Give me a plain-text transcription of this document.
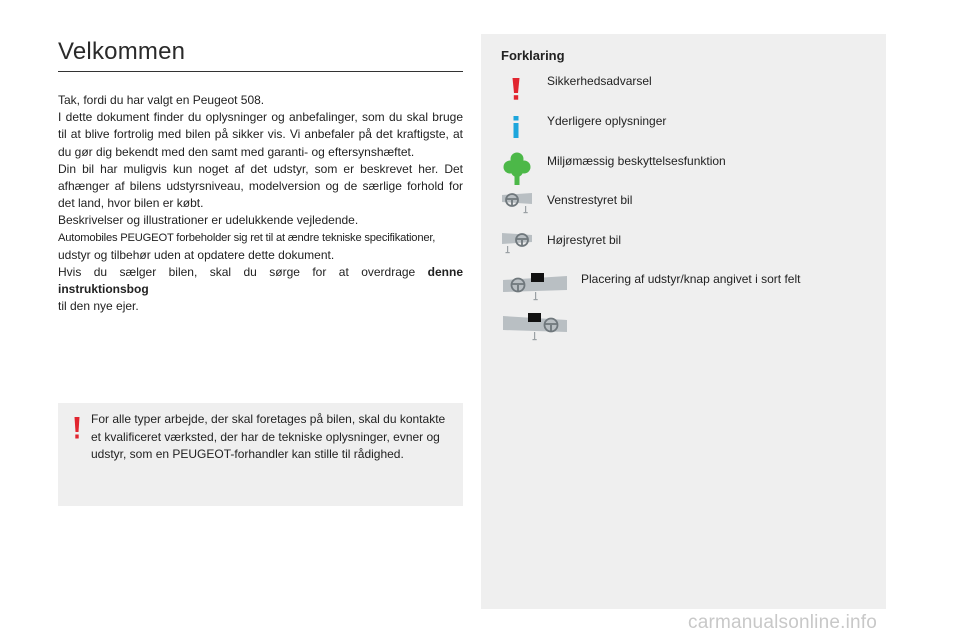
Velkommen

Tak, fordi du har valgt en Peugeot 508.

I dette dokument finder du oplysninger og anbefalinger, som du skal bruge til at blive fortrolig med bilen på sikker vis. Vi anbefaler på det kraftigste, at du gør dig bekendt med den samt med garanti- og eftersynshæftet.

Din bil har muligvis kun noget af det udstyr, som er beskrevet her. Det afhænger af bilens udstyrsniveau, modelversion og de særlige forhold for det land, hvor bilen er købt.

Beskrivelser og illustrationer er udelukkende vejledende.

Automobiles PEUGEOT forbeholder sig ret til at ændre tekniske specifikationer,

udstyr og tilbehør uden at opdatere dette dokument.

Hvis du sælger bilen, skal du sørge for at overdrage denne instruktionsbog

til den nye ejer.

For alle typer arbejde, der skal foretages på bilen, skal du kontakte et kvalificeret værksted, der har de tekniske oplysninger, evner og udstyr, som en PEUGEOT-forhandler kan stille til rådighed.
Forklaring
Sikkerhedsadvarsel
Yderligere oplysninger
Miljømæssig beskyttelsesfunktion
Venstrestyret bil
Højrestyret bil
Placering af udstyr/knap angivet i sort felt
carmanualsonline.info
